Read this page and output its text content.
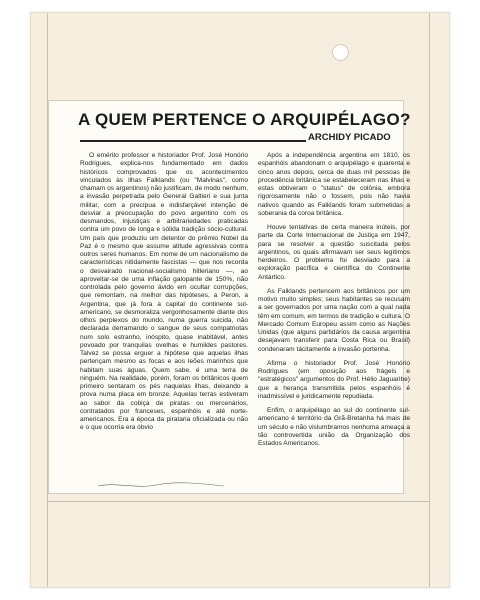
A QUEM PERTENCE O ARQUIPÉLAGO?
ARCHIDY PICADO

O emérito professor e historiador Prof. José Honório Rodrigues, explica-nos fundamentado em dados históricos comprovados que os acontecimentos vinculados às ilhas Falklands (ou "Malvinas", como chamam os argentinos) não justificam, de modo nenhum, a invasão perpetrada pelo General Galtieri e sua junta militar, com a precípua e indisfarçável intenção de desviar a preocupação do povo argentino com os desmandos, injustiças e arbitrariedades praticadas contra um povo de longa e sólida tradição sócio-cultural. Um país que produziu um detentor do prêmio Nobel da Paz é o mesmo que assume atitude agressivas contra outros seres humanos. Em nome de um nacionalismo de características nitidamente fascistas — que nos recorda o desvairado nacional-socialismo hitleriano —, ao aproveitar-se de uma inflação galopante de 150%, não controlada pelo governo ávido em ocultar corrupções, que remontam, na melhor das hipóteses, a Peron, a Argentina, que já fora a capital do continente sul-americano, se desmoraliza vergonhosamente diante dos olhos perplexos do mundo, numa guerra suicida, não declarada derramando o sangue de seus compatriotas num solo estranho, inóspito, quase inabitável, antes povoado por tranquilas ovelhas e humildes pastores. Talvez se possa erguer a hipótese que aquelas ilhas pertençam mesmo as focas e aos leões marinhos que habitam suas águas. Quem sabe, é uma terra de ninguém. Na realidade, porém, foram os britânicos quem primeiro sentaram os pés naquelas ilhas, deixando a prova numa placa em bronze. Aquelas terras estiveram ao sabor da cobiça de piratas ou mercenários, contratados por franceses, espanhóis e até norte-americanos. Era a época da pirataria oficializada ou não e o que ocorria era óbvio

Após a independência argentina em 1810, os espanhóis abandonam o arquipélago e quarenta e cinco anos depois, cerca de duas mil pessoas de procedência britânica se estabeleceram nas ilhas e estas obtiveram o "status" de colônia, embora rigorosamente não o fossem, pois não havia nativos quando as Falklands foram submetidas a soberania da coroa britânica.

Houve tentativas de certa maneira inúteis, por parte da Corte Internacional de Justiça em 1947, para se resolver a questão suscitada pelos argentinos, os quais afirmavam ser seus legítimos herdeiros. O problema foi desviado para a exploração pacífica e científica do Continente Antártico.

As Falklands pertencem aos britânicos por um motivo muito simples; seus habitantes se recusam a ser governados por uma nação com a qual nada têm em comum, em termos de tradição e cultura. O Mercado Comum Europeu assim como as Nações Unidas (que alguns partidários da causa argentina desejavam transferir para Costa Rica ou Brasil) condenaram tácitamente a invasão portenha.

Afirma o historiador Prof. José Honório Rodrigues (em oposição aos frágeis e "estratégicos" argumentos do Prof. Hélio Jaguaribe) que a herança transmitida pelos espanhóis é inadmissível e juridicamente repudiada.

Enfim, o arquipélago ao sul do continente sul-americano é território da Grã-Bretanha há mais de um século e não vislumbramos nenhuma ameaça a tão controvertida união da Organização dos Estados Americanos.
